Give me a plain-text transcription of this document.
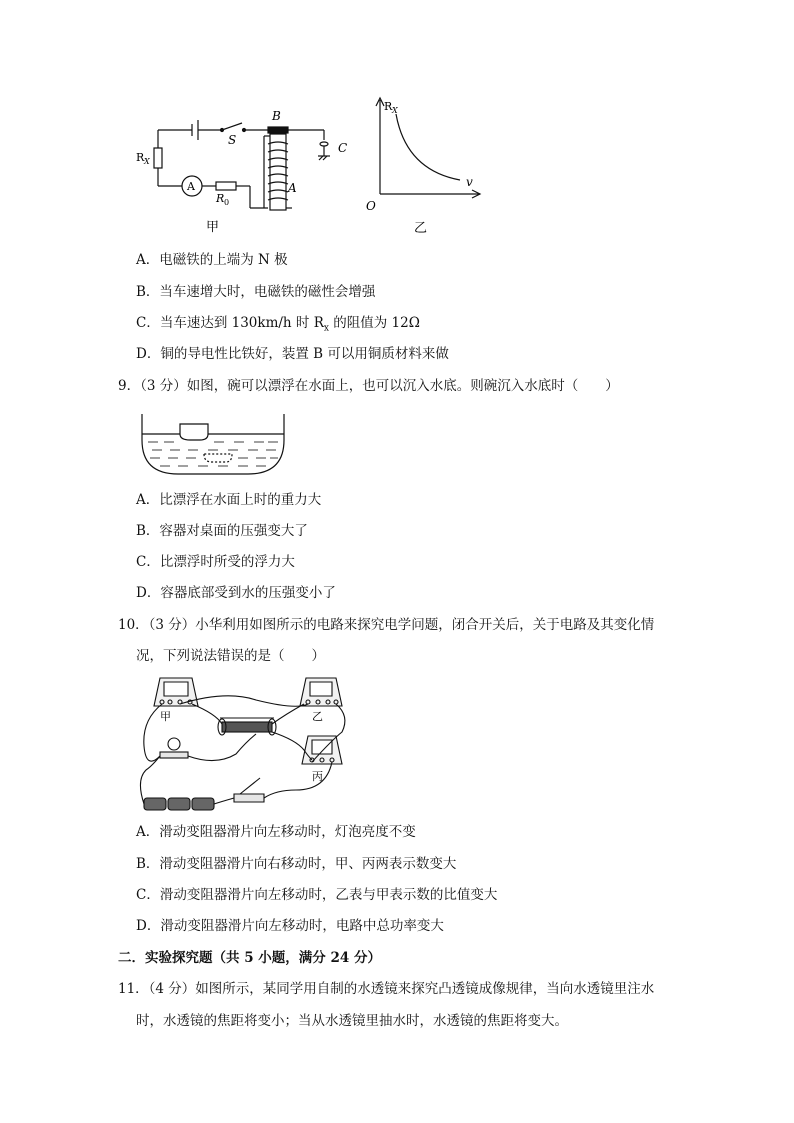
B
S
C
A
R X
A
R 0
甲
R X
v
O
乙
A．电磁铁的上端为 N 极
B．当车速增大时，电磁铁的磁性会增强
C．当车速达到 130km/h 时 $R_x$ 的阻值为 12Ω
D．铜的导电性比铁好，装置 B 可以用铜质材料来做
9．（3 分）如图，碗可以漂浮在水面上，也可以沉入水底。则碗沉入水底时（　　）
A．比漂浮在水面上时的重力大
B．容器对桌面的压强变大了
C．比漂浮时所受的浮力大
D．容器底部受到水的压强变小了
10．（3 分）小华利用如图所示的电路来探究电学问题，闭合开关后，关于电路及其变化情
况，下列说法错误的是（　　）
甲	乙
丙
A．滑动变阻器滑片向左移动时，灯泡亮度不变
B．滑动变阻器滑片向右移动时，甲、丙两表示数变大
C．滑动变阻器滑片向左移动时，乙表与甲表示数的比值变大
D．滑动变阻器滑片向左移动时，电路中总功率变大
二．实验探究题（共 5 小题，满分 24 分）
11．（4 分）如图所示，某同学用自制的水透镜来探究凸透镜成像规律，当向水透镜里注水
时，水透镜的焦距将变小；当从水透镜里抽水时，水透镜的焦距将变大。
